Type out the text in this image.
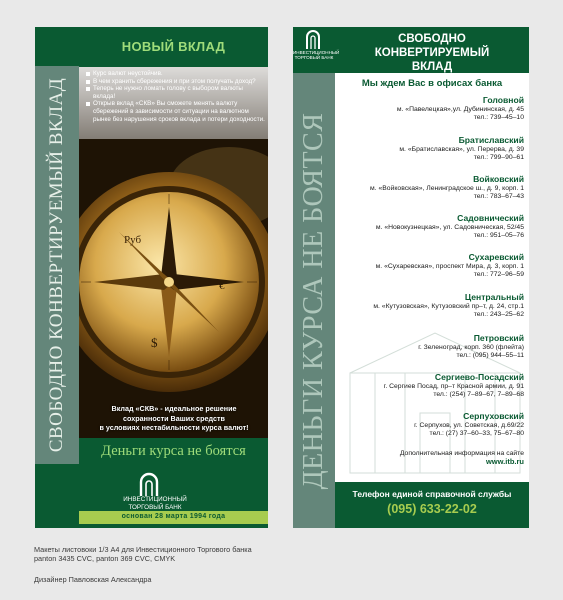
СВОБОДНО КОНВЕРТИРУЕМЫЙ ВКЛАД
НОВЫЙ ВКЛАД
Руб
$
€
Курс валют неустойчив.
В чем хранить сбережения и при этом получать доход?
Теперь не нужно ломать голову с выбором валюты вклада!
Открыв вклад «СКВ» Вы сможете менять валюту сбережений в зависимости от ситуации на валютном рынке без нарушения сроков вклада и потери доходности.
Вклад «СКВ» - идеальное решение
сохранности Ваших средств
в условиях нестабильности курса валют!
Деньги курса не боятся
ИНВЕСТИЦИОННЫЙ
ТОРГОВЫЙ БАНК
основан 28 марта 1994 года
ДЕНЬГИ КУРСА НЕ БОЯТСЯ
ИНВЕСТИЦИОННЫЙ
ТОРГОВЫЙ БАНК
СВОБОДНО КОНВЕРТИРУЕМЫЙ
ВКЛАД
Мы ждем Вас в офисах банка
Головной
м. «Павелецкая»,ул. Дубининская, д. 45
тел.: 739–45–10
Братиславский
м. «Братиславская», ул. Перерва, д. 39
тел.: 799–90–61
Войковский
м. «Войковская», Ленинградское ш., д. 9, корп. 1
тел.: 783–67–43
Садовнический
м. «Новокузнецкая», ул. Садовническая, 52/45
тел.: 951–05–76
Сухаревский
м. «Сухаревская», проспект Мира, д. 3, корп. 1
тел.: 772–96–59
Центральный
м. «Кутузовская», Кутузовский пр–т, д. 24, стр.1
тел.: 243–25–62
Петровский
г. Зеленоград, корп. 360 (флейта)
тел.: (095) 944–55–11
Сергиево-Посадский
г. Сергиев Посад, пр–т Красной армии, д. 91
тел.: (254) 7–89–67, 7–89–68
Серпуховский
г. Серпухов, ул. Советская, д.69/22
тел.: (27) 37–60–33, 75–67–80
Дополнительная информация на сайте
www.itb.ru
Телефон единой справочной службы
(095) 633-22-02
Макеты листовоки 1/3 А4 для Инвестиционного Торгового банка
panton 3435 CVC, panton 369 CVC, CMYK
Дизайнер Павловская Александра
